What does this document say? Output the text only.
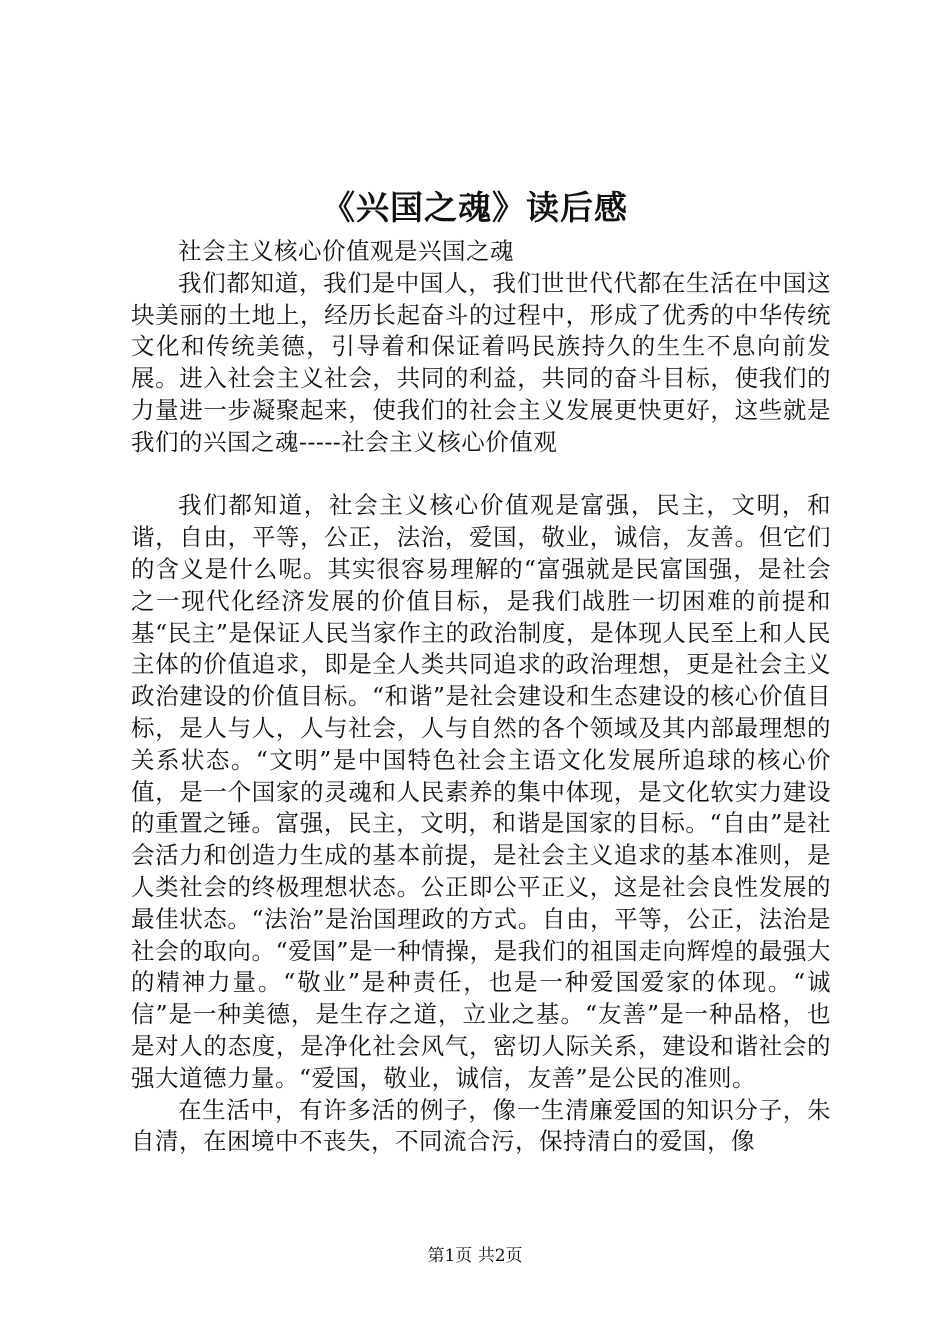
《兴国之魂》读后感

社会主义核心价值观是兴国之魂

我们都知道，我们是中国人，我们世世代代都在生活在中国这块美丽的土地上，经历长起奋斗的过程中，形成了优秀的中华传统文化和传统美德，引导着和保证着吗民族持久的生生不息向前发展。进入社会主义社会，共同的利益，共同的奋斗目标，使我们的力量进一步凝聚起来，使我们的社会主义发展更快更好，这些就是我们的兴国之魂-----社会主义核心价值观

我们都知道，社会主义核心价值观是富强，民主，文明，和谐，自由，平等，公正，法治，爱国，敬业，诚信，友善。但它们的含义是什么呢。其实很容易理解的“富强就是民富国强，是社会之一现代化经济发展的价值目标，是我们战胜一切困难的前提和基“民主”是保证人民当家作主的政治制度，是体现人民至上和人民主体的价值追求，即是全人类共同追求的政治理想，更是社会主义政治建设的价值目标。“和谐”是社会建设和生态建设的核心价值目标，是人与人，人与社会，人与自然的各个领域及其内部最理想的关系状态。“文明”是中国特色社会主语文化发展所追球的核心价值，是一个国家的灵魂和人民素养的集中体现，是文化软实力建设的重置之锤。富强，民主，文明，和谐是国家的目标。“自由”是社会活力和创造力生成的基本前提，是社会主义追求的基本准则，是人类社会的终极理想状态。公正即公平正义，这是社会良性发展的最佳状态。“法治”是治国理政的方式。自由，平等，公正，法治是社会的取向。“爱国”是一种情操，是我们的祖国走向辉煌的最强大的精神力量。“敬业”是种责任，也是一种爱国爱家的体现。“诚信”是一种美德，是生存之道，立业之基。“友善”是一种品格，也是对人的态度，是净化社会风气，密切人际关系，建设和谐社会的强大道德力量。“爱国，敬业，诚信，友善”是公民的准则。

在生活中，有许多活的例子，像一生清廉爱国的知识分子，朱自清，在困境中不丧失，不同流合污，保持清白的爱国，像

第1页 共2页
